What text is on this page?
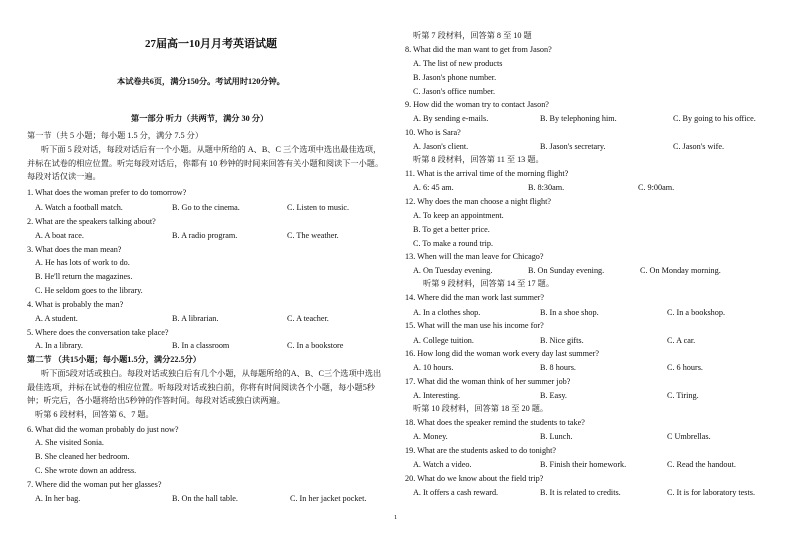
27届高一10月月考英语试题
本试卷共6页，满分150分。考试用时120分钟。
第一部分 听力（共两节，满分 30 分）
第一节（共 5 小题；每小题 1.5 分，满分 7.5 分）
听下面 5 段对话，每段对话后有一个小题。从题中所给的 A、B、C 三个选项中选出最佳选项，并标在试卷的相应位置。听完每段对话后，你都有 10 秒钟的时间来回答有关小题和阅读下一小题。每段对话仅读一遍。
1. What does the woman prefer to do tomorrow?
A. Watch a football match.	B. Go to the cinema.	C. Listen to music.
2. What are the speakers talking about?
A. A boat race.	B. A radio program.	C. The weather.
3. What does the man mean?
A. He has lots of work to do.
B. He'll return the magazines.
C. He seldom goes to the library.
4. What is probably the man?
A. A student.	B. A librarian.	C. A teacher.
5. Where does the conversation take place?
A. In a library.	B. In a classroom	C. In a bookstore
第二节 （共15小题；每小题1.5分，满分22.5分）
听下面5段对话或独白。每段对话或独白后有几个小题，从每题所给的A、B、C三个选项中选出最佳选项，并标在试卷的相应位置。听每段对话或独白前，你将有时间阅读各个小题，每小题5秒钟；听完后，各小题将给出5秒钟的作答时间。每段对话或独白读两遍。
听第 6 段材料，回答第 6、7 题。
6. What did the woman probably do just now?
A. She visited Sonia.
B. She cleaned her bedroom.
C. She wrote down an address.
7. Where did the woman put her glasses?
A. In her bag.	B. On the hall table.	C. In her jacket pocket.
听第 7 段材料，回答第 8 至 10 题
8. What did the man want to get from Jason?
A. The list of new products
B. Jason's phone number.
C. Jason's office number.
9. How did the woman try to contact Jason?
A. By sending e-mails.	B. By telephoning him.	C. By going to his office.
10. Who is Sara?
A. Jason's client.	B. Jason's secretary.	C. Jason's wife.
听第 8 段材料，回答第 11 至 13 题。
11. What is the arrival time of the morning flight?
A. 6: 45 am.	B. 8:30am.	C. 9:00am.
12. Why does the man choose a night flight?
A. To keep an appointment.
B. To get a better price.
C. To make a round trip.
13. When will the man leave for Chicago?
A. On Tuesday evening.	B. On Sunday evening.	C. On Monday morning.
听第 9 段材料，回答第 14 至 17 题。
14. Where did the man work last summer?
A. In a clothes shop.	B. In a shoe shop.	C. In a bookshop.
15. What will the man use his income for?
A. College tuition.	B. Nice gifts.	C. A car.
16. How long did the woman work every day last summer?
A. 10 hours.	B. 8 hours.	C. 6 hours.
17. What did the woman think of her summer job?
A. Interesting.	B. Easy.	C. Tiring.
听第 10 段材料，回答第 18 至 20 题。
18. What does the speaker remind the students to take?
A. Money.	B. Lunch.	C Umbrellas.
19. What are the students asked to do tonight?
A. Watch a video.	B. Finish their homework.	C. Read the handout.
20. What do we know about the field trip?
A. It offers a cash reward.	B. It is related to credits.	C. It is for laboratory tests.
1
